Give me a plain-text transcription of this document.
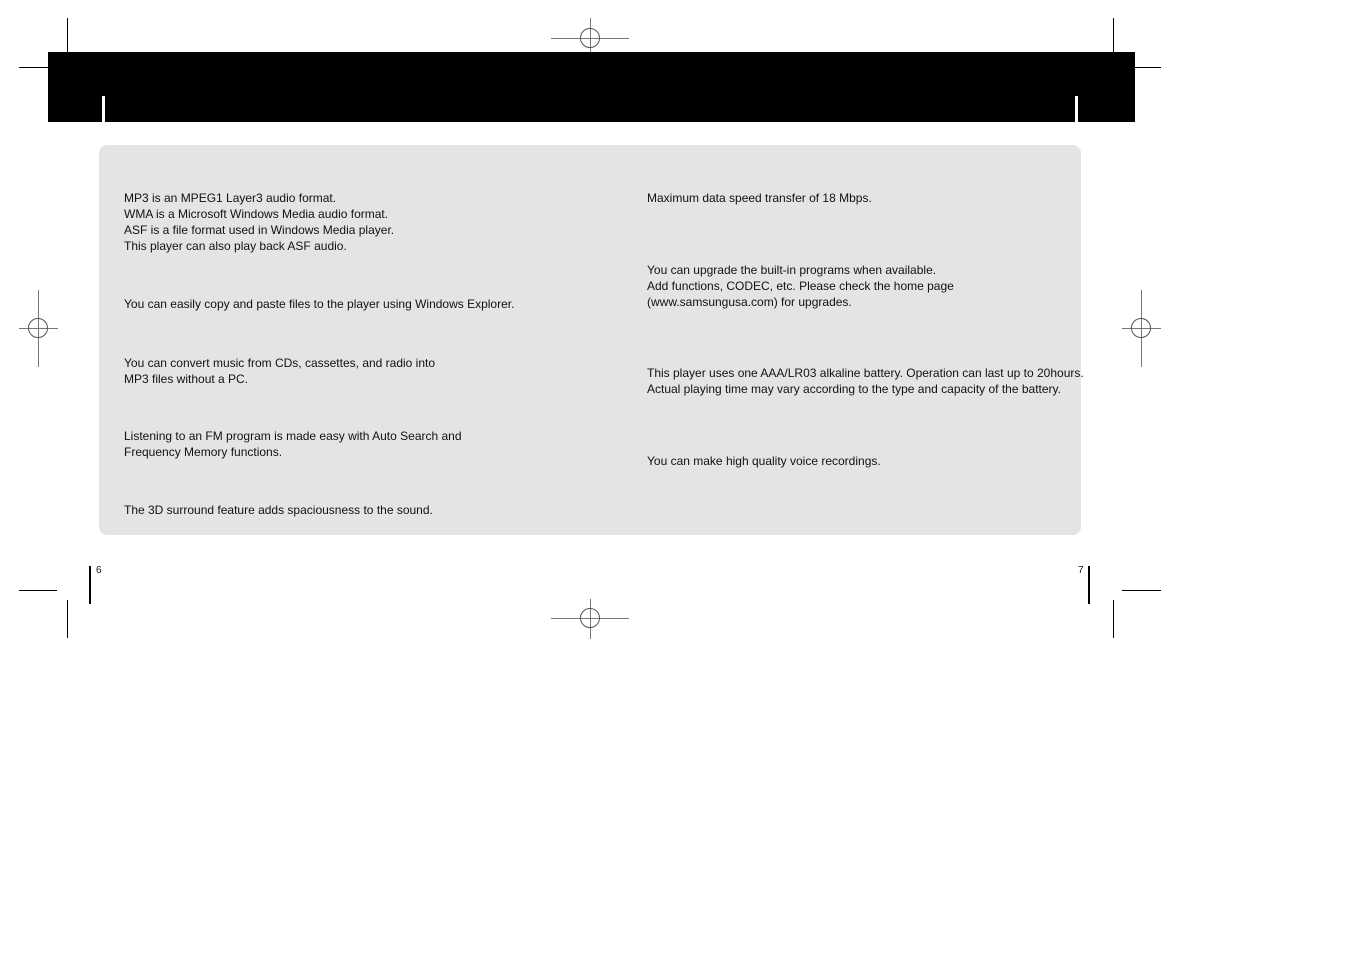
MP3 is an MPEG1 Layer3 audio format.
WMA is a Microsoft Windows Media audio format.
ASF is a file format used in Windows Media player.
This player can also play back ASF audio.
You can easily copy and paste files to the player using Windows Explorer.
You can convert music from CDs, cassettes, and radio into
MP3 files without a PC.
Listening to an FM program is made easy with Auto Search and
Frequency Memory functions.
The 3D surround feature adds spaciousness to the sound.
Maximum data speed transfer of 18 Mbps.
You can upgrade the built-in programs when available.
Add functions, CODEC, etc. Please check the home page
(www.samsungusa.com) for upgrades.
This player uses one AAA/LR03 alkaline battery. Operation can last up to 20hours.
Actual playing time may vary according to the type and capacity of the battery.
You can make high quality voice recordings.
6	7
